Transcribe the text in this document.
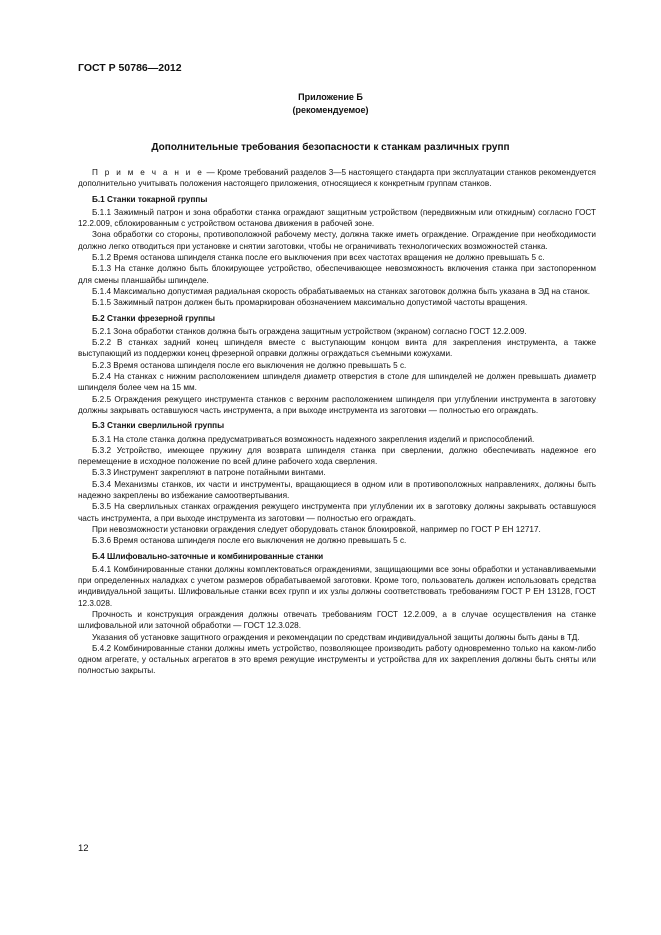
ГОСТ Р 50786—2012
Приложение Б
(рекомендуемое)
Дополнительные требования безопасности к станкам различных групп

П р и м е ч а н и е — Кроме требований разделов 3—5 настоящего стандарта при эксплуатации станков рекомендуется дополнительно учитывать положения настоящего приложения, относящиеся к конкретным группам станков.

Б.1 Станки токарной группы

Б.1.1 Зажимный патрон и зона обработки станка ограждают защитным устройством (передвижным или откидным) согласно ГОСТ 12.2.009, сблокированным с устройством останова движения в рабочей зоне.

Зона обработки со стороны, противоположной рабочему месту, должна также иметь ограждение. Ограждение при необходимости должно легко отводиться при установке и снятии заготовки, чтобы не ограничивать технологических возможностей станка.

Б.1.2 Время останова шпинделя станка после его выключения при всех частотах вращения не должно превышать 5 с.

Б.1.3 На станке должно быть блокирующее устройство, обеспечивающее невозможность включения станка при застопоренном для смены планшайбы шпинделе.

Б.1.4 Максимально допустимая радиальная скорость обрабатываемых на станках заготовок должна быть указана в ЭД на станок.

Б.1.5 Зажимный патрон должен быть промаркирован обозначением максимально допустимой частоты вращения.

Б.2 Станки фрезерной группы

Б.2.1 Зона обработки станков должна быть ограждена защитным устройством (экраном) согласно ГОСТ 12.2.009.

Б.2.2 В станках задний конец шпинделя вместе с выступающим концом винта для закрепления инструмента, а также выступающий из поддержки конец фрезерной оправки должны ограждаться съемными кожухами.

Б.2.3 Время останова шпинделя после его выключения не должно превышать 5 с.

Б.2.4 На станках с нижним расположением шпинделя диаметр отверстия в столе для шпинделей не должен превышать диаметр шпинделя более чем на 15 мм.

Б.2.5 Ограждения режущего инструмента станков с верхним расположением шпинделя при углублении инструмента в заготовку должны закрывать оставшуюся часть инструмента, а при выходе инструмента из заготовки — полностью его ограждать.

Б.3 Станки сверлильной группы

Б.3.1 На столе станка должна предусматриваться возможность надежного закрепления изделий и приспособлений.

Б.3.2 Устройство, имеющее пружину для возврата шпинделя станка при сверлении, должно обеспечивать надежное его перемещение в исходное положение по всей длине рабочего хода сверления.

Б.3.3 Инструмент закрепляют в патроне потайными винтами.

Б.3.4 Механизмы станков, их части и инструменты, вращающиеся в одном или в противоположных направлениях, должны быть надежно закреплены во избежание самоотвертывания.

Б.3.5 На сверлильных станках ограждения режущего инструмента при углублении их в заготовку должны закрывать оставшуюся часть инструмента, а при выходе инструмента из заготовки — полностью его ограждать.

При невозможности установки ограждения следует оборудовать станок блокировкой, например по ГОСТ Р ЕН 12717.

Б.3.6 Время останова шпинделя после его выключения не должно превышать 5 с.

Б.4 Шлифовально-заточные и комбинированные станки

Б.4.1 Комбинированные станки должны комплектоваться ограждениями, защищающими все зоны обработки и устанавливаемыми при определенных наладках с учетом размеров обрабатываемой заготовки. Кроме того, пользователь должен использовать средства индивидуальной защиты. Шлифовальные станки всех групп и их узлы должны соответствовать требованиям ГОСТ Р ЕН 13128, ГОСТ 12.3.028.

Прочность и конструкция ограждения должны отвечать требованиям ГОСТ 12.2.009, а в случае осуществления на станке шлифовальной или заточной обработки — ГОСТ 12.3.028.

Указания об установке защитного ограждения и рекомендации по средствам индивидуальной защиты должны быть даны в ТД.

Б.4.2 Комбинированные станки должны иметь устройство, позволяющее производить работу одновременно только на каком-либо одном агрегате, у остальных агрегатов в это время режущие инструменты и устройства для их закрепления должны быть сняты или полностью закрыты.

12
